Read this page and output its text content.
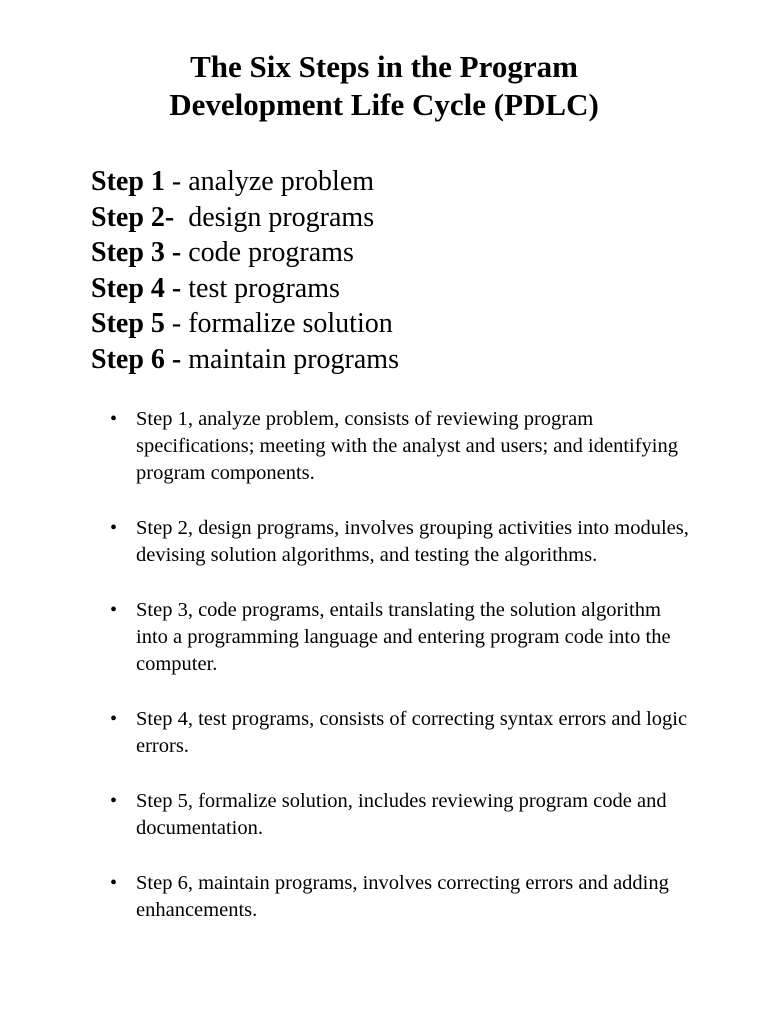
The Six Steps in the Program
Development Life Cycle (PDLC)
Step 1 - analyze problem
Step 2-  design programs
Step 3 - code programs
Step 4 - test programs
Step 5 - formalize solution
Step 6 - maintain programs
• Step 1, analyze problem, consists of reviewing program specifications; meeting with the analyst and users; and identifying program components.
• Step 2, design programs, involves grouping activities into modules, devising solution algorithms, and testing the algorithms.
• Step 3, code programs, entails translating the solution algorithm into a programming language and entering program code into the computer.
• Step 4, test programs, consists of correcting syntax errors and logic errors.
• Step 5, formalize solution, includes reviewing program code and documentation.
• Step 6, maintain programs, involves correcting errors and adding enhancements.
